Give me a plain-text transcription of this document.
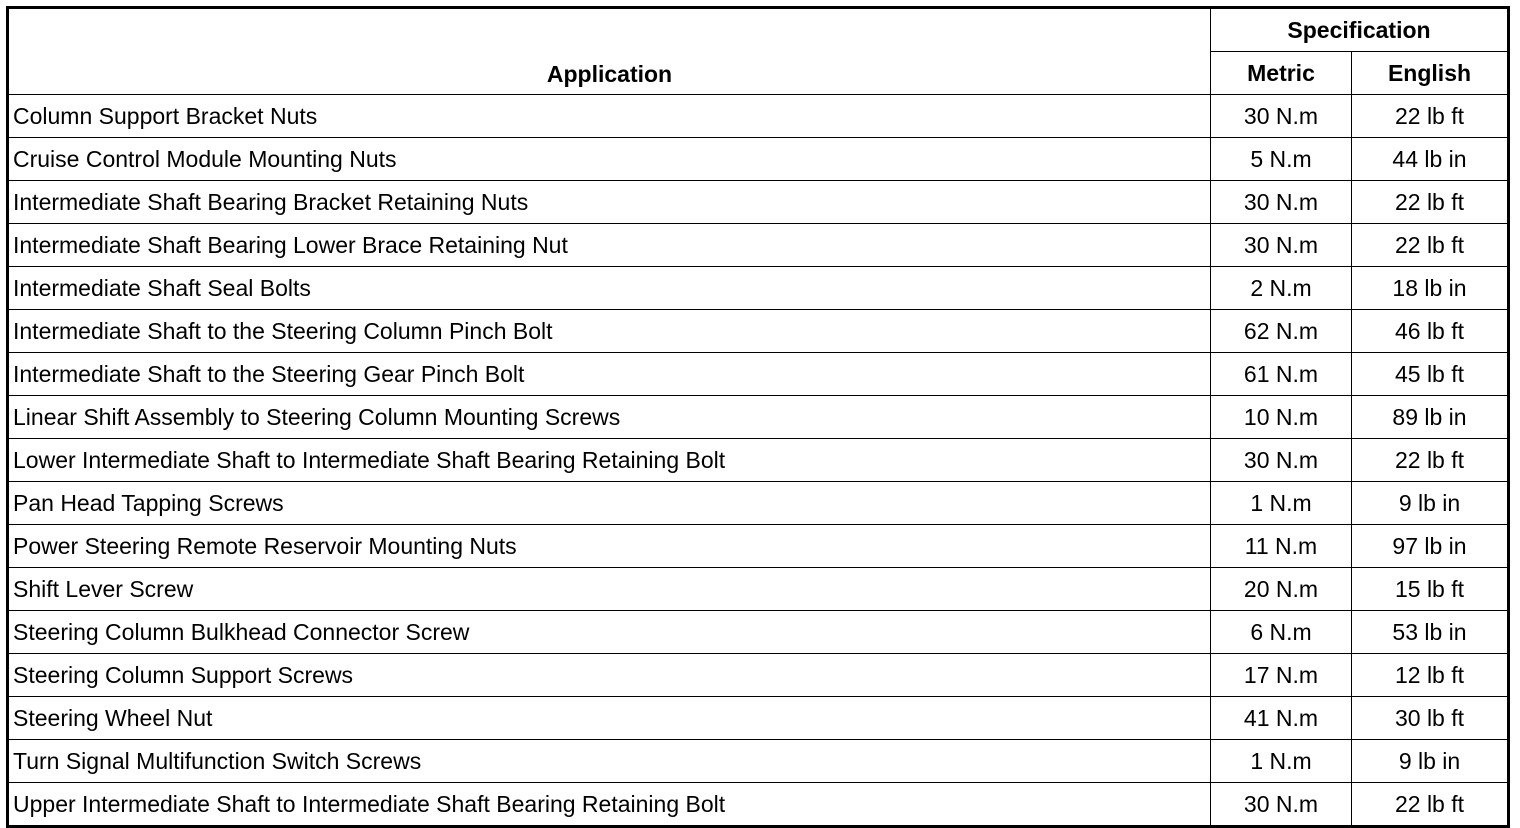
Application	Specification	
	Metric	English
Column Support Bracket Nuts	30 N.m	22 lb ft
Cruise Control Module Mounting Nuts	5 N.m	44 lb in
Intermediate Shaft Bearing Bracket Retaining Nuts	30 N.m	22 lb ft
Intermediate Shaft Bearing Lower Brace Retaining Nut	30 N.m	22 lb ft
Intermediate Shaft Seal Bolts	2 N.m	18 lb in
Intermediate Shaft to the Steering Column Pinch Bolt	62 N.m	46 lb ft
Intermediate Shaft to the Steering Gear Pinch Bolt	61 N.m	45 lb ft
Linear Shift Assembly to Steering Column Mounting Screws	10 N.m	89 lb in
Lower Intermediate Shaft to Intermediate Shaft Bearing Retaining Bolt	30 N.m	22 lb ft
Pan Head Tapping Screws	1 N.m	9 lb in
Power Steering Remote Reservoir Mounting Nuts	11 N.m	97 lb in
Shift Lever Screw	20 N.m	15 lb ft
Steering Column Bulkhead Connector Screw	6 N.m	53 lb in
Steering Column Support Screws	17 N.m	12 lb ft
Steering Wheel Nut	41 N.m	30 lb ft
Turn Signal Multifunction Switch Screws	1 N.m	9 lb in
Upper Intermediate Shaft to Intermediate Shaft Bearing Retaining Bolt	30 N.m	22 lb ft
